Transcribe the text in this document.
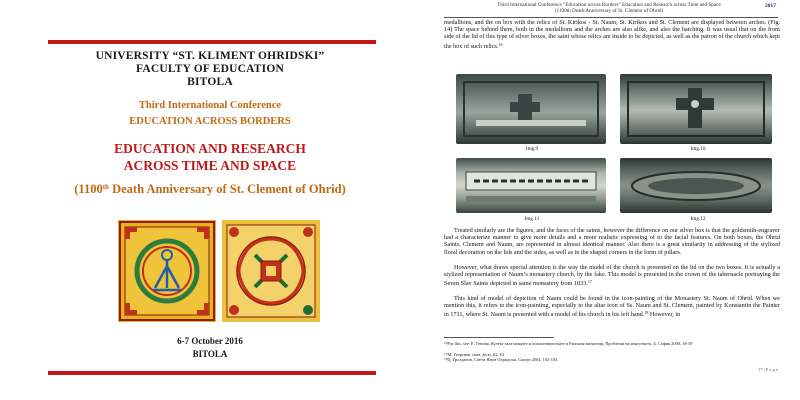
UNIVERSITY “ST. KLIMENT OHRIDSKI”
FACULTY OF EDUCATION
BITOLA
Third International Conference
EDUCATION ACROSS BORDERS
EDUCATION AND RESEARCH
ACROSS TIME AND SPACE
(1100th Death Anniversary of St. Clement of Ohrid)
6-7 October 2016
BITOLA
Third International Conference “Education across Borders” Education and Research across Time and Space
(1100th Death Anniversary of St. Clement of Ohrid)
2017

medallions, and the on box with the relics of St. Kirikos - St. Naum, St. Kirikos and St. Clement are displayed between arches. (Fig. 14) The space behind them, both in the medallions and the arches are also alike, and also the hatching. It was usual that on the front side of the lid of this type of silver boxes, the saint whose relics are inside to be depicted, as well as the patron of the church which kept the box of such relics.$^{16}$

Img.9	Img.10
Img.11	Img.12

Treated similarly are the figures, and the faces of the saints, however the difference on our silver box is that the goldsmith-engraver had a characterize manner to give more details and a more realistic expressing of to the facial features. On both boxes, the Ohrid Saints, Clement and Naum, are represented in almost identical manner. Also there is a great similarity in addressing of the stylized floral decoration on the lids and the sides, as well as in the shaped corners in the form of pillars.

However, what draws special attention is the way the model of the church is presented on the lid on the two boxes. It is actually a stylized representation of Naum’s monastery church, by the fake. This model is presented in the crown of the tabernacle portraying the Seven Slav Saints depicted in same monastery from 1833.17

This kind of model of depiction of Naum could be found in the icon-painting of the Monastery St. Naum of Ohrid. When we mention this, it refers to the icon-painting, especially to the altar icon of Ss. Naum and St. Clement, painted by Konstantin the Painter in 1711, where St. Naum is presented with a model of his church in his left hand.$^{18}$ However, in

$^{16}$For this, see: Е. Генова, Култът към мощите и поклонническите в Рилския манастир, Проблеми на изкуството, 4, София 2000, 18-39
$^{17}$М. Георгиев, наш. дело, 62, 63
$^{18}$Ц. Грозданов, Свети Наум Охридски, Скопје 2004, 102-104
17 | P a g e
